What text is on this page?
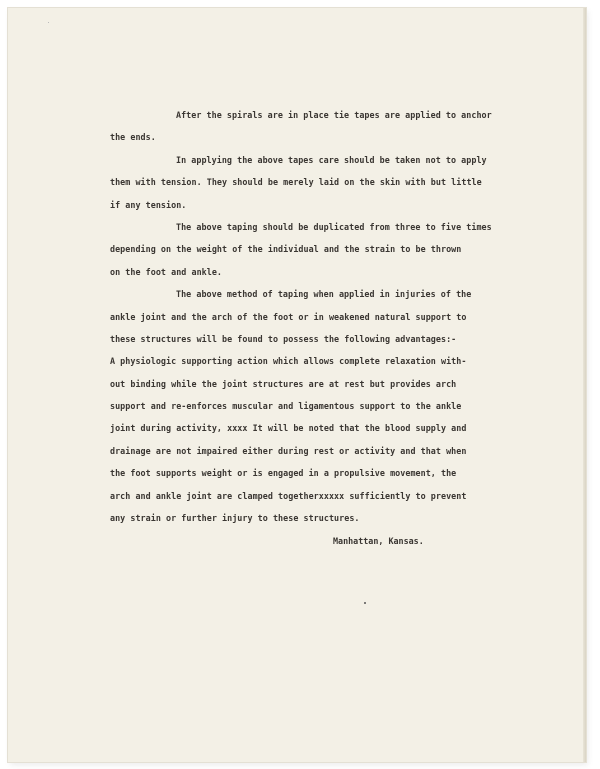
After the spirals are in place tie tapes are applied to anchor
the ends.
In applying the above tapes care should be taken not to apply
them with tension. They should be merely laid on the skin with but little
if any tension.
The above taping should be duplicated from three to five times
depending on the weight of the individual and the strain to be thrown
on the foot and ankle.
The above method of taping when applied in injuries of the
ankle joint and the arch of the foot or in weakened natural support to
these structures will be found to possess the following advantages:-
A physiologic supporting action which allows complete relaxation with-
out binding while the joint structures are at rest but provides arch
support and re-enforces muscular and ligamentous support to the ankle
joint during activity, xxxx It will be noted that the blood supply and
drainage are not impaired either during rest or activity and that when
the foot supports weight or is engaged in a propulsive movement, the
arch and ankle joint are clamped togetherxxxxx sufficiently to prevent
any strain or further injury to these structures.
Manhattan, Kansas.
